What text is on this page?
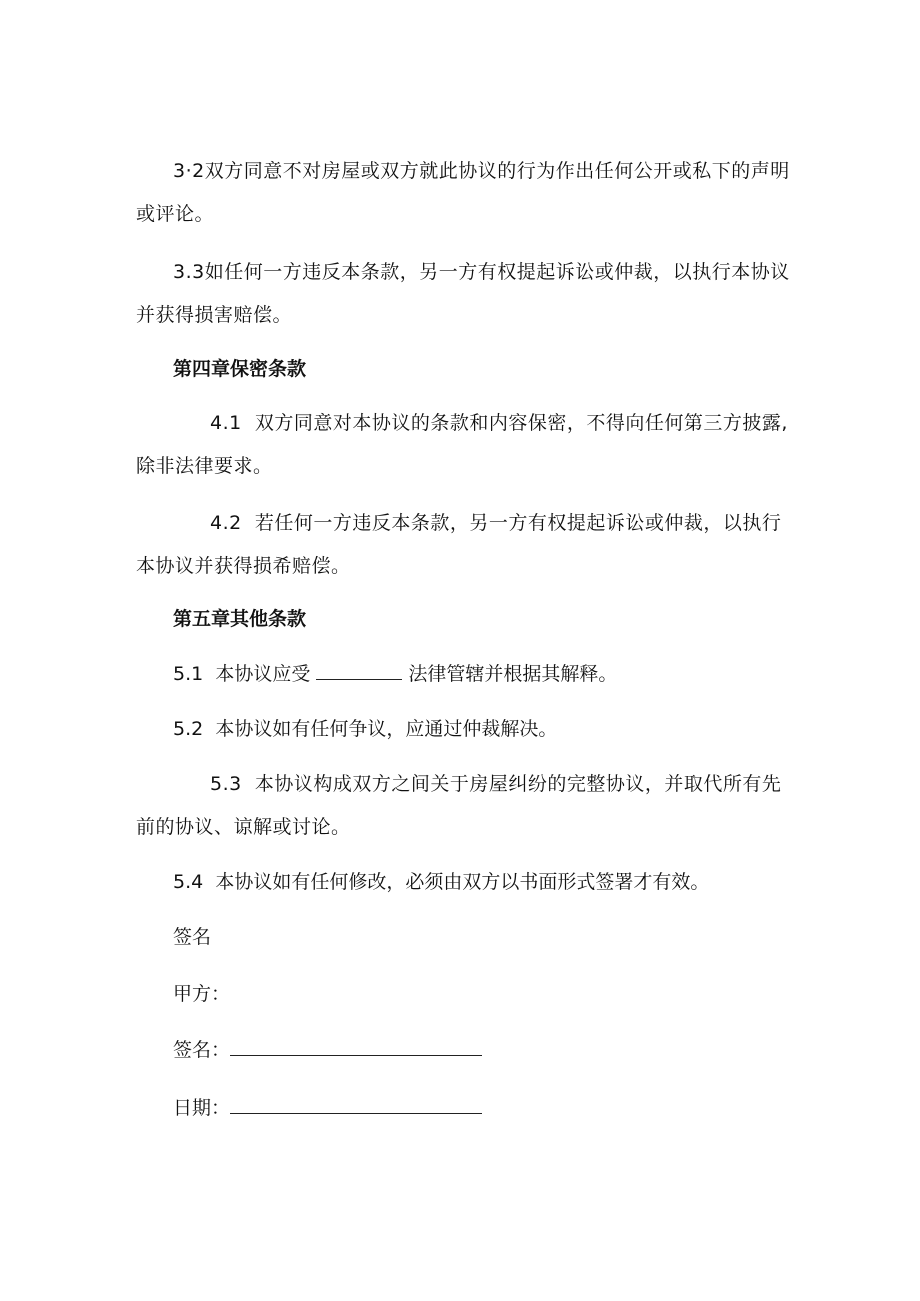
3·2双方同意不对房屋或双方就此协议的行为作出任何公开或私下的声明或评论。

3.3如任何一方违反本条款，另一方有权提起诉讼或仲裁，以执行本协议并获得损害赔偿。

第四章保密条款

4.1 双方同意对本协议的条款和内容保密，不得向任何第三方披露,除非法律要求。

4.2 若任何一方违反本条款，另一方有权提起诉讼或仲裁，以执行本协议并获得损希赔偿。

第五章其他条款

5.1 本协议应受	法律管辖并根据其解释。

5.2 本协议如有任何争议，应通过仲裁解决。

5.3 本协议构成双方之间关于房屋纠纷的完整协议，并取代所有先前的协议、谅解或讨论。

5.4 本协议如有任何修改，必须由双方以书面形式签署才有效。

签名

甲方：

签名：

日期：
